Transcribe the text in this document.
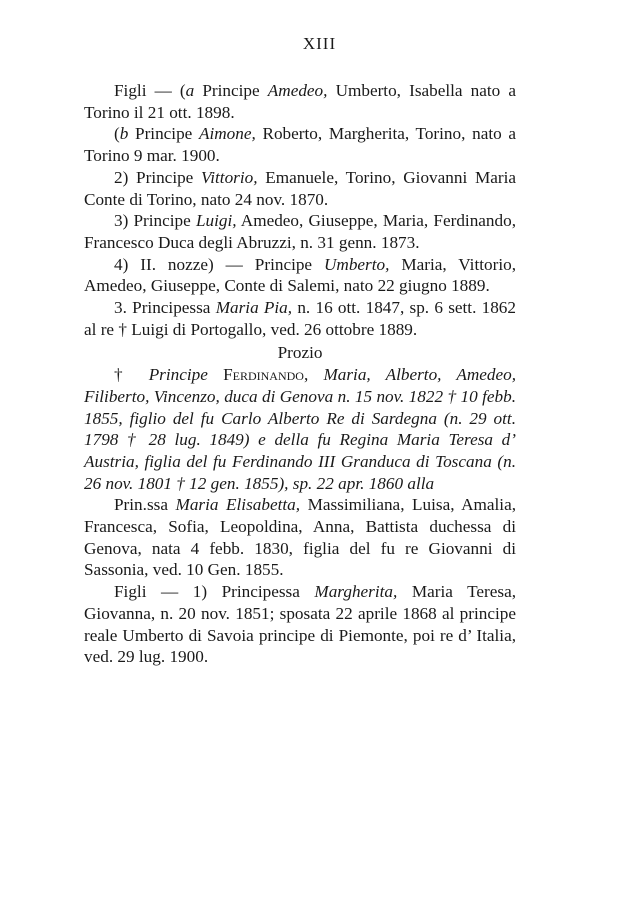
XIII

Figli — (a Principe Amedeo, Umberto, Isabella nato a Torino il 21 ott. 1898.

(b Principe Aimone, Roberto, Margherita, Torino, nato a Torino 9 mar. 1900.

2) Principe Vittorio, Emanuele, Torino, Giovanni Maria Conte di Torino, nato 24 nov. 1870.

3) Principe Luigi, Amedeo, Giuseppe, Maria, Ferdinando, Francesco Duca degli Abruzzi, n. 31 genn. 1873.

4) II. nozze) — Principe Umberto, Maria, Vittorio, Amedeo, Giuseppe, Conte di Salemi, nato 22 giugno 1889.

3. Principessa Maria Pia, n. 16 ott. 1847, sp. 6 sett. 1862 al re † Luigi di Portogallo, ved. 26 ottobre 1889.

Prozio

† Principe Ferdinando, Maria, Alberto, Amedeo, Filiberto, Vincenzo, duca di Genova n. 15 nov. 1822 † 10 febb. 1855, figlio del fu Carlo Alberto Re di Sardegna (n. 29 ott. 1798 † 28 lug. 1849) e della fu Regina Maria Teresa d’ Austria, figlia del fu Ferdinando III Granduca di Toscana (n. 26 nov. 1801 † 12 gen. 1855), sp. 22 apr. 1860 alla

Prin.ssa Maria Elisabetta, Massimiliana, Luisa, Amalia, Francesca, Sofia, Leopoldina, Anna, Battista duchessa di Genova, nata 4 febb. 1830, figlia del fu re Giovanni di Sassonia, ved. 10 Gen. 1855.

Figli — 1) Principessa Margherita, Maria Teresa, Giovanna, n. 20 nov. 1851; sposata 22 aprile 1868 al principe reale Umberto di Savoia principe di Piemonte, poi re d’ Italia, ved. 29 lug. 1900.
